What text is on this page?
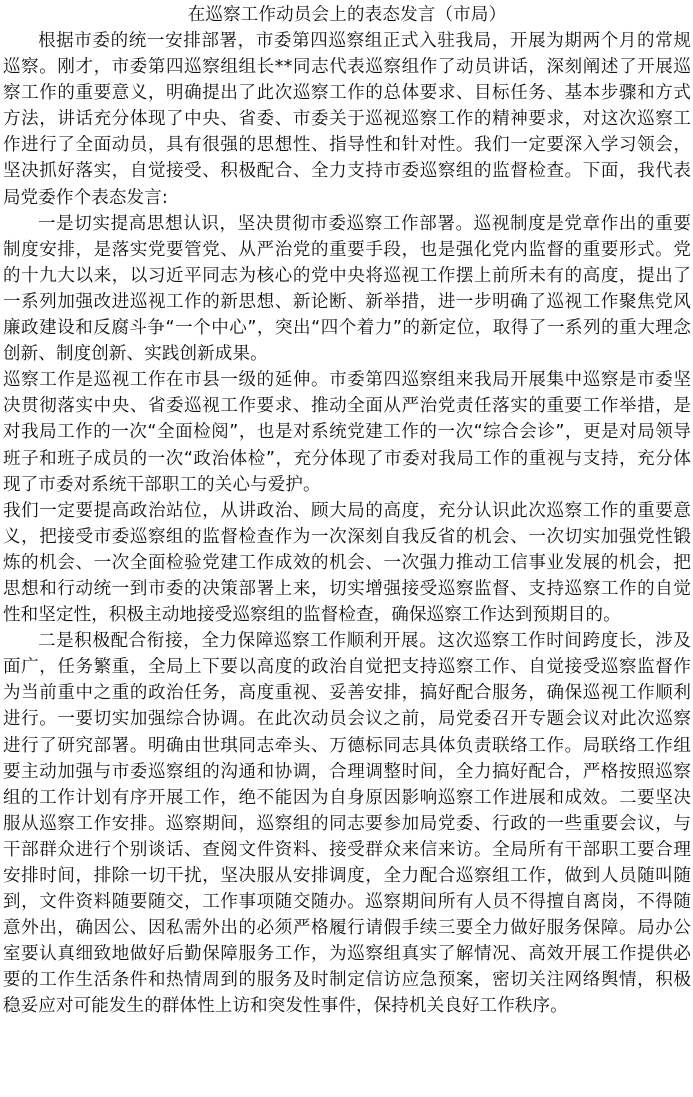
在巡察工作动员会上的表态发言（市局）

根据市委的统一安排部署，市委第四巡察组正式入驻我局，开展为期两个月的常规巡察。刚才，市委第四巡察组组长**同志代表巡察组作了动员讲话，深刻阐述了开展巡察工作的重要意义，明确提出了此次巡察工作的总体要求、目标任务、基本步骤和方式方法，讲话充分体现了中央、省委、市委关于巡视巡察工作的精神要求，对这次巡察工作进行了全面动员，具有很强的思想性、指导性和针对性。我们一定要深入学习领会，坚决抓好落实，自觉接受、积极配合、全力支持市委巡察组的监督检查。下面，我代表局党委作个表态发言:

一是切实提高思想认识，坚决贯彻市委巡察工作部署。巡视制度是党章作出的重要制度安排，是落实党要管党、从严治党的重要手段，也是强化党内监督的重要形式。党的十九大以来，以习近平同志为核心的党中央将巡视工作摆上前所未有的高度，提出了一系列加强改进巡视工作的新思想、新论断、新举措，进一步明确了巡视工作聚焦党风廉政建设和反腐斗争“一个中心”，突出“四个着力”的新定位，取得了一系列的重大理念创新、制度创新、实践创新成果。

巡察工作是巡视工作在市县一级的延伸。市委第四巡察组来我局开展集中巡察是市委坚决贯彻落实中央、省委巡视工作要求、推动全面从严治党责任落实的重要工作举措，是对我局工作的一次“全面检阅”，也是对系统党建工作的一次“综合会诊”，更是对局领导班子和班子成员的一次“政治体检”，充分体现了市委对我局工作的重视与支持，充分体现了市委对系统干部职工的关心与爱护。

我们一定要提高政治站位，从讲政治、顾大局的高度，充分认识此次巡察工作的重要意义，把接受市委巡察组的监督检查作为一次深刻自我反省的机会、一次切实加强党性锻炼的机会、一次全面检验党建工作成效的机会、一次强力推动工信事业发展的机会，把思想和行动统一到市委的决策部署上来，切实增强接受巡察监督、支持巡察工作的自觉性和坚定性，积极主动地接受巡察组的监督检查，确保巡察工作达到预期目的。

二是积极配合衔接，全力保障巡察工作顺利开展。这次巡察工作时间跨度长，涉及面广，任务繁重，全局上下要以高度的政治自觉把支持巡察工作、自觉接受巡察监督作为当前重中之重的政治任务，高度重视、妥善安排，搞好配合服务，确保巡视工作顺利进行。一要切实加强综合协调。在此次动员会议之前，局党委召开专题会议对此次巡察进行了研究部署。明确由世琪同志牵头、万德标同志具体负责联络工作。局联络工作组要主动加强与市委巡察组的沟通和协调，合理调整时间，全力搞好配合，严格按照巡察组的工作计划有序开展工作，绝不能因为自身原因影响巡察工作进展和成效。二要坚决服从巡察工作安排。巡察期间，巡察组的同志要参加局党委、行政的一些重要会议，与干部群众进行个别谈话、查阅文件资料、接受群众来信来访。全局所有干部职工要合理安排时间，排除一切干扰，坚决服从安排调度，全力配合巡察组工作，做到人员随叫随到，文件资料随要随交，工作事项随交随办。巡察期间所有人员不得擅自离岗，不得随意外出，确因公、因私需外出的必须严格履行请假手续三要全力做好服务保障。局办公室要认真细致地做好后勤保障服务工作，为巡察组真实了解情况、高效开展工作提供必要的工作生活条件和热情周到的服务及时制定信访应急预案，密切关注网络舆情，积极稳妥应对可能发生的群体性上访和突发性事件，保持机关良好工作秩序。
